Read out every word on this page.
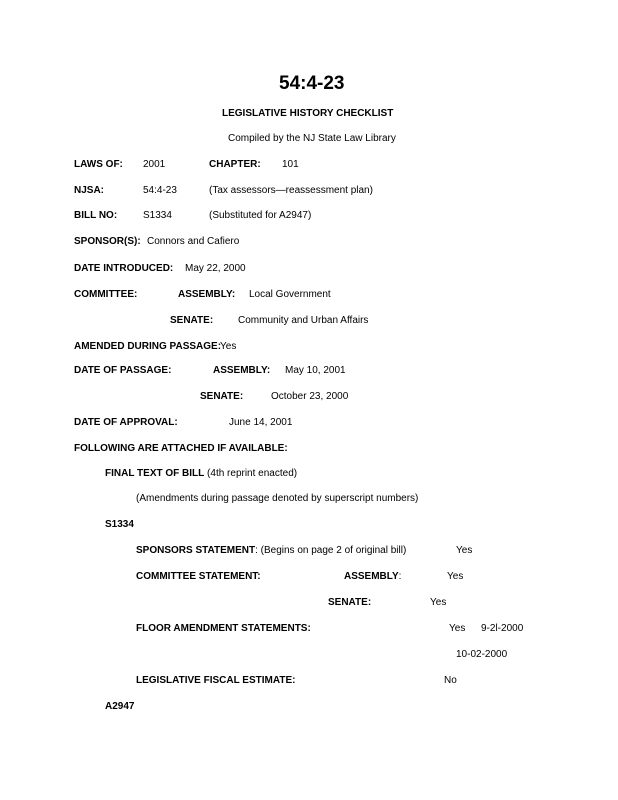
54:4-23
LEGISLATIVE HISTORY CHECKLIST
Compiled by the NJ State Law Library
LAWS OF: 2001	CHAPTER: 101
NJSA:	54:4-23	(Tax assessors—reassessment plan)
BILL NO:	S1334	(Substituted for A2947)
SPONSOR(S): Connors and Cafiero
DATE INTRODUCED: May 22, 2000
COMMITTEE:	ASSEMBLY: Local Government
SENATE: Community and Urban Affairs
AMENDED DURING PASSAGE:
Yes
DATE OF PASSAGE:	ASSEMBLY: May 10, 2001
SENATE:	October 23, 2000
DATE OF APPROVAL:	June 14, 2001
FOLLOWING ARE ATTACHED IF AVAILABLE:
FINAL TEXT OF BILL (4th reprint enacted)
(Amendments during passage denoted by superscript numbers)
S1334
SPONSORS STATEMENT: (Begins on page 2 of original bill)	Yes
COMMITTEE STATEMENT:	ASSEMBLY:	Yes
SENATE:	Yes
FLOOR AMENDMENT STATEMENTS:	Yes 9-2l-2000
10-02-2000
LEGISLATIVE FISCAL ESTIMATE:	No
A2947
